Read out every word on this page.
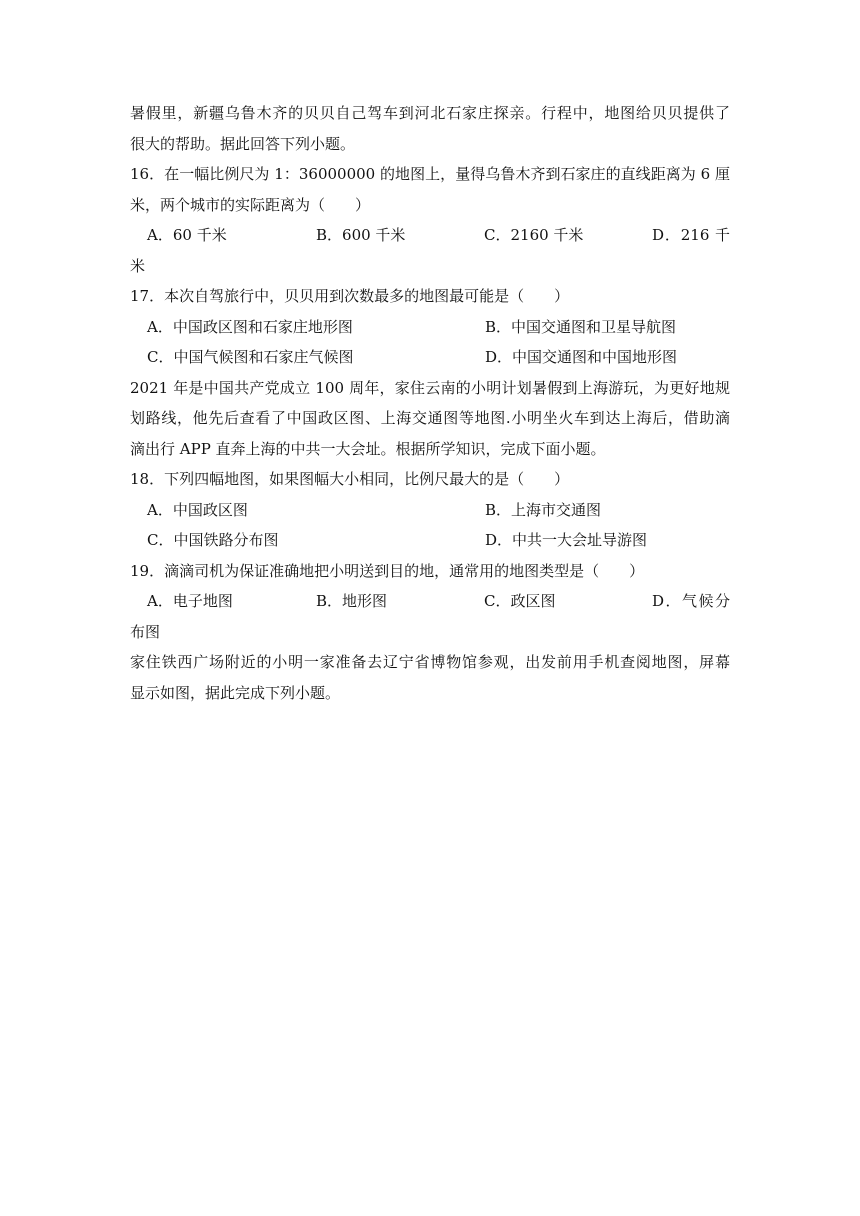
暑假里，新疆乌鲁木齐的贝贝自己驾车到河北石家庄探亲。行程中，地图给贝贝提供了
很大的帮助。据此回答下列小题。
16．在一幅比例尺为 1：36000000 的地图上，量得乌鲁木齐到石家庄的直线距离为 6 厘
米，两个城市的实际距离为（　　）
A．60 千米	B．600 千米	C．2160 千米	D．216 千
米
17．本次自驾旅行中，贝贝用到次数最多的地图最可能是（　　）
A．中国政区图和石家庄地形图	B．中国交通图和卫星导航图
C．中国气候图和石家庄气候图	D．中国交通图和中国地形图
2021 年是中国共产党成立 100 周年，家住云南的小明计划暑假到上海游玩，为更好地规
划路线，他先后查看了中国政区图、上海交通图等地图.小明坐火车到达上海后，借助滴
滴出行 APP 直奔上海的中共一大会址。根据所学知识，完成下面小题。
18．下列四幅地图，如果图幅大小相同，比例尺最大的是（　　）
A．中国政区图	B．上海市交通图
C．中国铁路分布图	D．中共一大会址导游图
19．滴滴司机为保证准确地把小明送到目的地，通常用的地图类型是（　　）
A．电子地图	B．地形图	C．政区图	D．气候分
布图
家住铁西广场附近的小明一家准备去辽宁省博物馆参观，出发前用手机查阅地图，屏幕
显示如图，据此完成下列小题。
